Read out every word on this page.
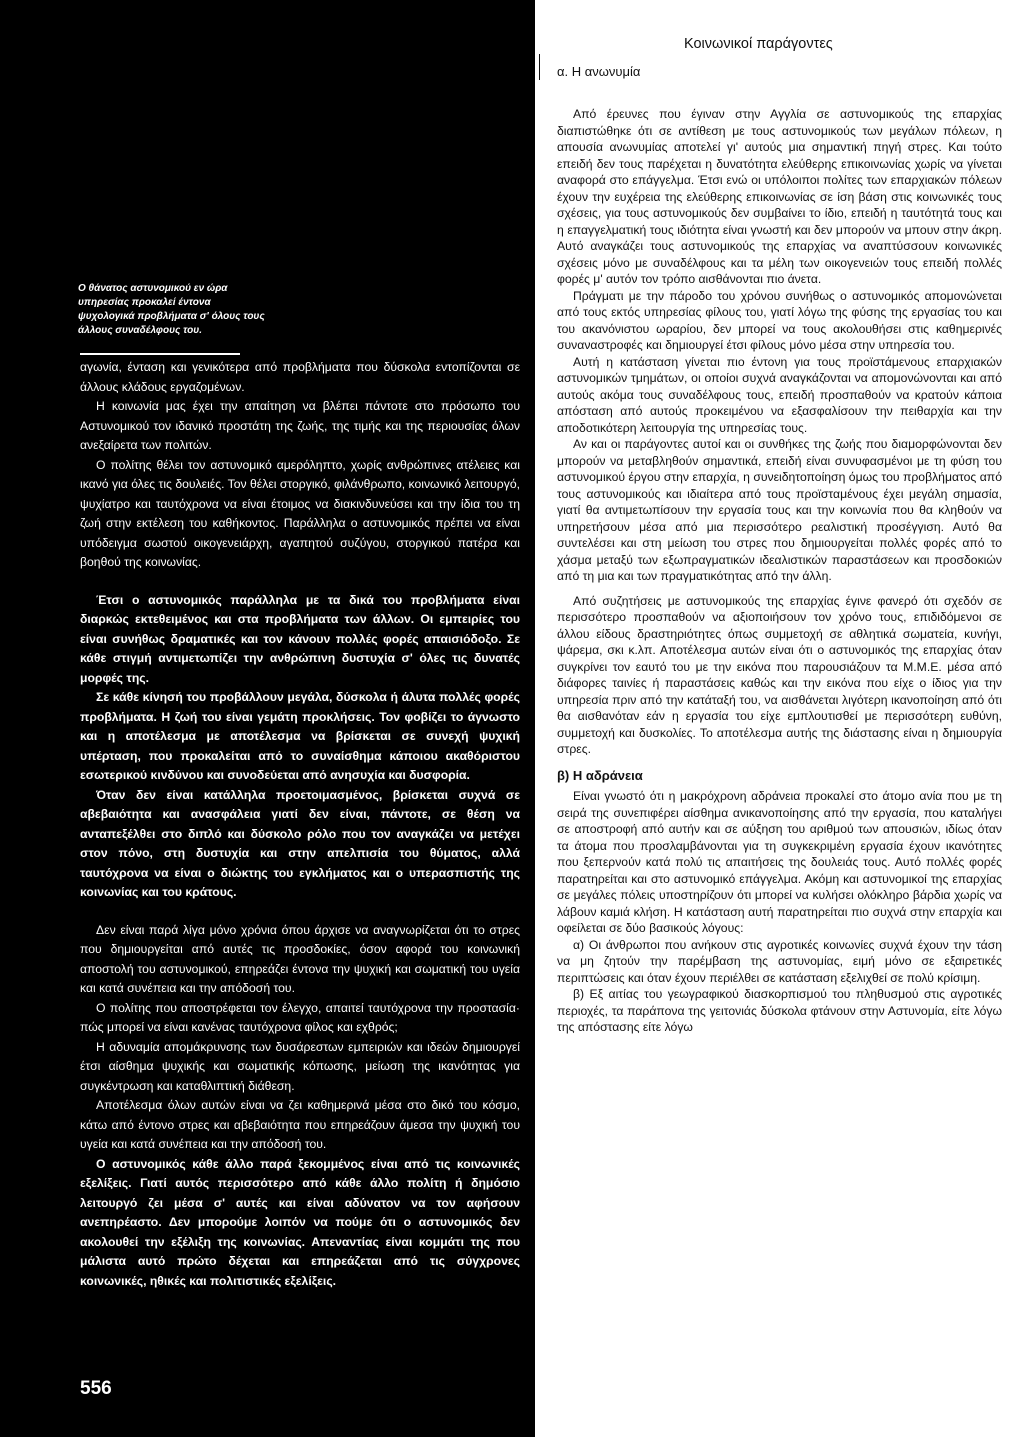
Ο θάνατος αστυνομικού εν ώρα υπηρεσίας προκαλεί έντονα ψυχολογικά προβλήματα σ' όλους τους άλλους συναδέλφους του.

αγωνία, ένταση και γενικότερα από προβλήματα που δύσκολα εντοπίζονται σε άλλους κλάδους εργαζομένων.

Η κοινωνία μας έχει την απαίτηση να βλέπει πάντοτε στο πρόσωπο του Αστυνομικού τον ιδανικό προστάτη της ζωής, της τιμής και της περιουσίας όλων ανεξαίρετα των πολιτών.

Ο πολίτης θέλει τον αστυνομικό αμερόληπτο, χωρίς ανθρώπινες ατέλειες και ικανό για όλες τις δουλειές. Τον θέλει στοργικό, φιλάνθρωπο, κοινωνικό λειτουργό, ψυχίατρο και ταυτόχρονα να είναι έτοιμος να διακινδυνεύσει και την ίδια του τη ζωή στην εκτέλεση του καθήκοντος. Παράλληλα ο αστυνομικός πρέπει να είναι υπόδειγμα σωστού οικογενειάρχη, αγαπητού συζύγου, στοργικού πατέρα και βοηθού της κοινωνίας.

Έτσι ο αστυνομικός παράλληλα με τα δικά του προβλήματα είναι διαρκώς εκτεθειμένος και στα προβλήματα των άλλων. Οι εμπειρίες του είναι συνήθως δραματικές και τον κάνουν πολλές φορές απαισιόδοξο. Σε κάθε στιγμή αντιμετωπίζει την ανθρώπινη δυστυχία σ' όλες τις δυνατές μορφές της.

Σε κάθε κίνησή του προβάλλουν μεγάλα, δύσκολα ή άλυτα πολλές φορές προβλήματα. Η ζωή του είναι γεμάτη προκλήσεις. Τον φοβίζει το άγνωστο και η αποτέλεσμα με αποτέλεσμα να βρίσκεται σε συνεχή ψυχική υπέρταση, που προκαλείται από το συναίσθημα κάποιου ακαθόριστου εσωτερικού κινδύνου και συνοδεύεται από ανησυχία και δυσφορία.

Όταν δεν είναι κατάλληλα προετοιμασμένος, βρίσκεται συχνά σε αβεβαιότητα και ανασφάλεια γιατί δεν είναι, πάντοτε, σε θέση να ανταπεξέλθει στο διπλό και δύσκολο ρόλο που τον αναγκάζει να μετέχει στον πόνο, στη δυστυχία και στην απελπισία του θύματος, αλλά ταυτόχρονα να είναι ο διώκτης του εγκλήματος και ο υπερασπιστής της κοινωνίας και του κράτους.

Δεν είναι παρά λίγα μόνο χρόνια όπου άρχισε να αναγνωρίζεται ότι το στρες που δημιουργείται από αυτές τις προσδοκίες, όσον αφορά του κοινωνική αποστολή του αστυνομικού, επηρεάζει έντονα την ψυχική και σωματική του υγεία και κατά συνέπεια και την απόδοσή του.

Ο πολίτης που αποστρέφεται τον έλεγχο, απαιτεί ταυτόχρονα την προστασία· πώς μπορεί να είναι κανένας ταυτόχρονα φίλος και εχθρός;

Η αδυναμία απομάκρυνσης των δυσάρεστων εμπειριών και ιδεών δημιουργεί έτσι αίσθημα ψυχικής και σωματικής κόπωσης, μείωση της ικανότητας για συγκέντρωση και καταθλιπτική διάθεση.

Αποτέλεσμα όλων αυτών είναι να ζει καθημερινά μέσα στο δικό του κόσμο, κάτω από έντονο στρες και αβεβαιότητα που επηρεάζουν άμεσα την ψυχική του υγεία και κατά συνέπεια και την απόδοσή του.

Ο αστυνομικός κάθε άλλο παρά ξεκομμένος είναι από τις κοινωνικές εξελίξεις. Γιατί αυτός περισσότερο από κάθε άλλο πολίτη ή δημόσιο λειτουργό ζει μέσα σ' αυτές και είναι αδύνατον να τον αφήσουν ανεπηρέαστο. Δεν μπορούμε λοιπόν να πούμε ότι ο αστυνομικός δεν ακολουθεί την εξέλιξη της κοινωνίας. Απεναντίας είναι κομμάτι της που μάλιστα αυτό πρώτο δέχεται και επηρεάζεται από τις σύγχρονες κοινωνικές, ηθικές και πολιτιστικές εξελίξεις.

556
α. Η ανωνυμία
Κοινωνικοί παράγοντες

Από έρευνες που έγιναν στην Αγγλία σε αστυνομικούς της επαρχίας διαπιστώθηκε ότι σε αντίθεση με τους αστυνομικούς των μεγάλων πόλεων, η απουσία ανωνυμίας αποτελεί γι' αυτούς μια σημαντική πηγή στρες. Και τούτο επειδή δεν τους παρέχεται η δυνατότητα ελεύθερης επικοινωνίας χωρίς να γίνεται αναφορά στο επάγγελμα. Έτσι ενώ οι υπόλοιποι πολίτες των επαρχιακών πόλεων έχουν την ευχέρεια της ελεύθερης επικοινωνίας σε ίση βάση στις κοινωνικές τους σχέσεις, για τους αστυνομικούς δεν συμβαίνει το ίδιο, επειδή η ταυτότητά τους και η επαγγελματική τους ιδιότητα είναι γνωστή και δεν μπορούν να μπουν στην άκρη. Αυτό αναγκάζει τους αστυνομικούς της επαρχίας να αναπτύσσουν κοινωνικές σχέσεις μόνο με συναδέλφους και τα μέλη των οικογενειών τους επειδή πολλές φορές μ' αυτόν τον τρόπο αισθάνονται πιο άνετα.

Πράγματι με την πάροδο του χρόνου συνήθως ο αστυνομικός απομονώνεται από τους εκτός υπηρεσίας φίλους του, γιατί λόγω της φύσης της εργασίας του και του ακανόνιστου ωραρίου, δεν μπορεί να τους ακολουθήσει στις καθημερινές συναναστροφές και δημιουργεί έτσι φίλους μόνο μέσα στην υπηρεσία του.

Αυτή η κατάσταση γίνεται πιο έντονη για τους προϊστάμενους επαρχιακών αστυνομικών τμημάτων, οι οποίοι συχνά αναγκάζονται να απομονώνονται και από αυτούς ακόμα τους συναδέλφους τους, επειδή προσπαθούν να κρατούν κάποια απόσταση από αυτούς προκειμένου να εξασφαλίσουν την πειθαρχία και την αποδοτικότερη λειτουργία της υπηρεσίας τους.

Αν και οι παράγοντες αυτοί και οι συνθήκες της ζωής που διαμορφώνονται δεν μπορούν να μεταβληθούν σημαντικά, επειδή είναι συνυφασμένοι με τη φύση του αστυνομικού έργου στην επαρχία, η συνειδητοποίηση όμως του προβλήματος από τους αστυνομικούς και ιδιαίτερα από τους προϊσταμένους έχει μεγάλη σημασία, γιατί θα αντιμετωπίσουν την εργασία τους και την κοινωνία που θα κληθούν να υπηρετήσουν μέσα από μια περισσότερο ρεαλιστική προσέγγιση. Αυτό θα συντελέσει και στη μείωση του στρες που δημιουργείται πολλές φορές από το χάσμα μεταξύ των εξωπραγματικών ιδεαλιστικών παραστάσεων και προσδοκιών από τη μια και των πραγματικότητας από την άλλη.

Από συζητήσεις με αστυνομικούς της επαρχίας έγινε φανερό ότι σχεδόν σε περισσότερο προσπαθούν να αξιοποιήσουν τον χρόνο τους, επιδιδόμενοι σε άλλου είδους δραστηριότητες όπως συμμετοχή σε αθλητικά σωματεία, κυνήγι, ψάρεμα, σκι κ.λπ. Αποτέλεσμα αυτών είναι ότι ο αστυνομικός της επαρχίας όταν συγκρίνει τον εαυτό του με την εικόνα που παρουσιάζουν τα Μ.Μ.Ε. μέσα από διάφορες ταινίες ή παραστάσεις καθώς και την εικόνα που είχε ο ίδιος για την υπηρεσία πριν από την κατάταξή του, να αισθάνεται λιγότερη ικανοποίηση από ότι θα αισθανόταν εάν η εργασία του είχε εμπλουτισθεί με περισσότερη ευθύνη, συμμετοχή και δυσκολίες. Το αποτέλεσμα αυτής της διάστασης είναι η δημιουργία στρες.

β) Η αδράνεια

Είναι γνωστό ότι η μακρόχρονη αδράνεια προκαλεί στο άτομο ανία που με τη σειρά της συνεπιφέρει αίσθημα ανικανοποίησης από την εργασία, που καταλήγει σε αποστροφή από αυτήν και σε αύξηση του αριθμού των απουσιών, ιδίως όταν τα άτομα που προσλαμβάνονται για τη συγκεκριμένη εργασία έχουν ικανότητες που ξεπερνούν κατά πολύ τις απαιτήσεις της δουλειάς τους. Αυτό πολλές φορές παρατηρείται και στο αστυνομικό επάγγελμα. Ακόμη και αστυνομικοί της επαρχίας σε μεγάλες πόλεις υποστηρίζουν ότι μπορεί να κυλήσει ολόκληρο βάρδια χωρίς να λάβουν καμιά κλήση. Η κατάσταση αυτή παρατηρείται πιο συχνά στην επαρχία και οφείλεται σε δύο βασικούς λόγους:

α) Οι άνθρωποι που ανήκουν στις αγροτικές κοινωνίες συχνά έχουν την τάση να μη ζητούν την παρέμβαση της αστυνομίας, ειμή μόνο σε εξαιρετικές περιπτώσεις και όταν έχουν περιέλθει σε κατάσταση εξελιχθεί σε πολύ κρίσιμη.

β) Εξ αιτίας του γεωγραφικού διασκορπισμού του πληθυσμού στις αγροτικές περιοχές, τα παράπονα της γειτονιάς δύσκολα φτάνουν στην Αστυνομία, είτε λόγω της απόστασης είτε λόγω
